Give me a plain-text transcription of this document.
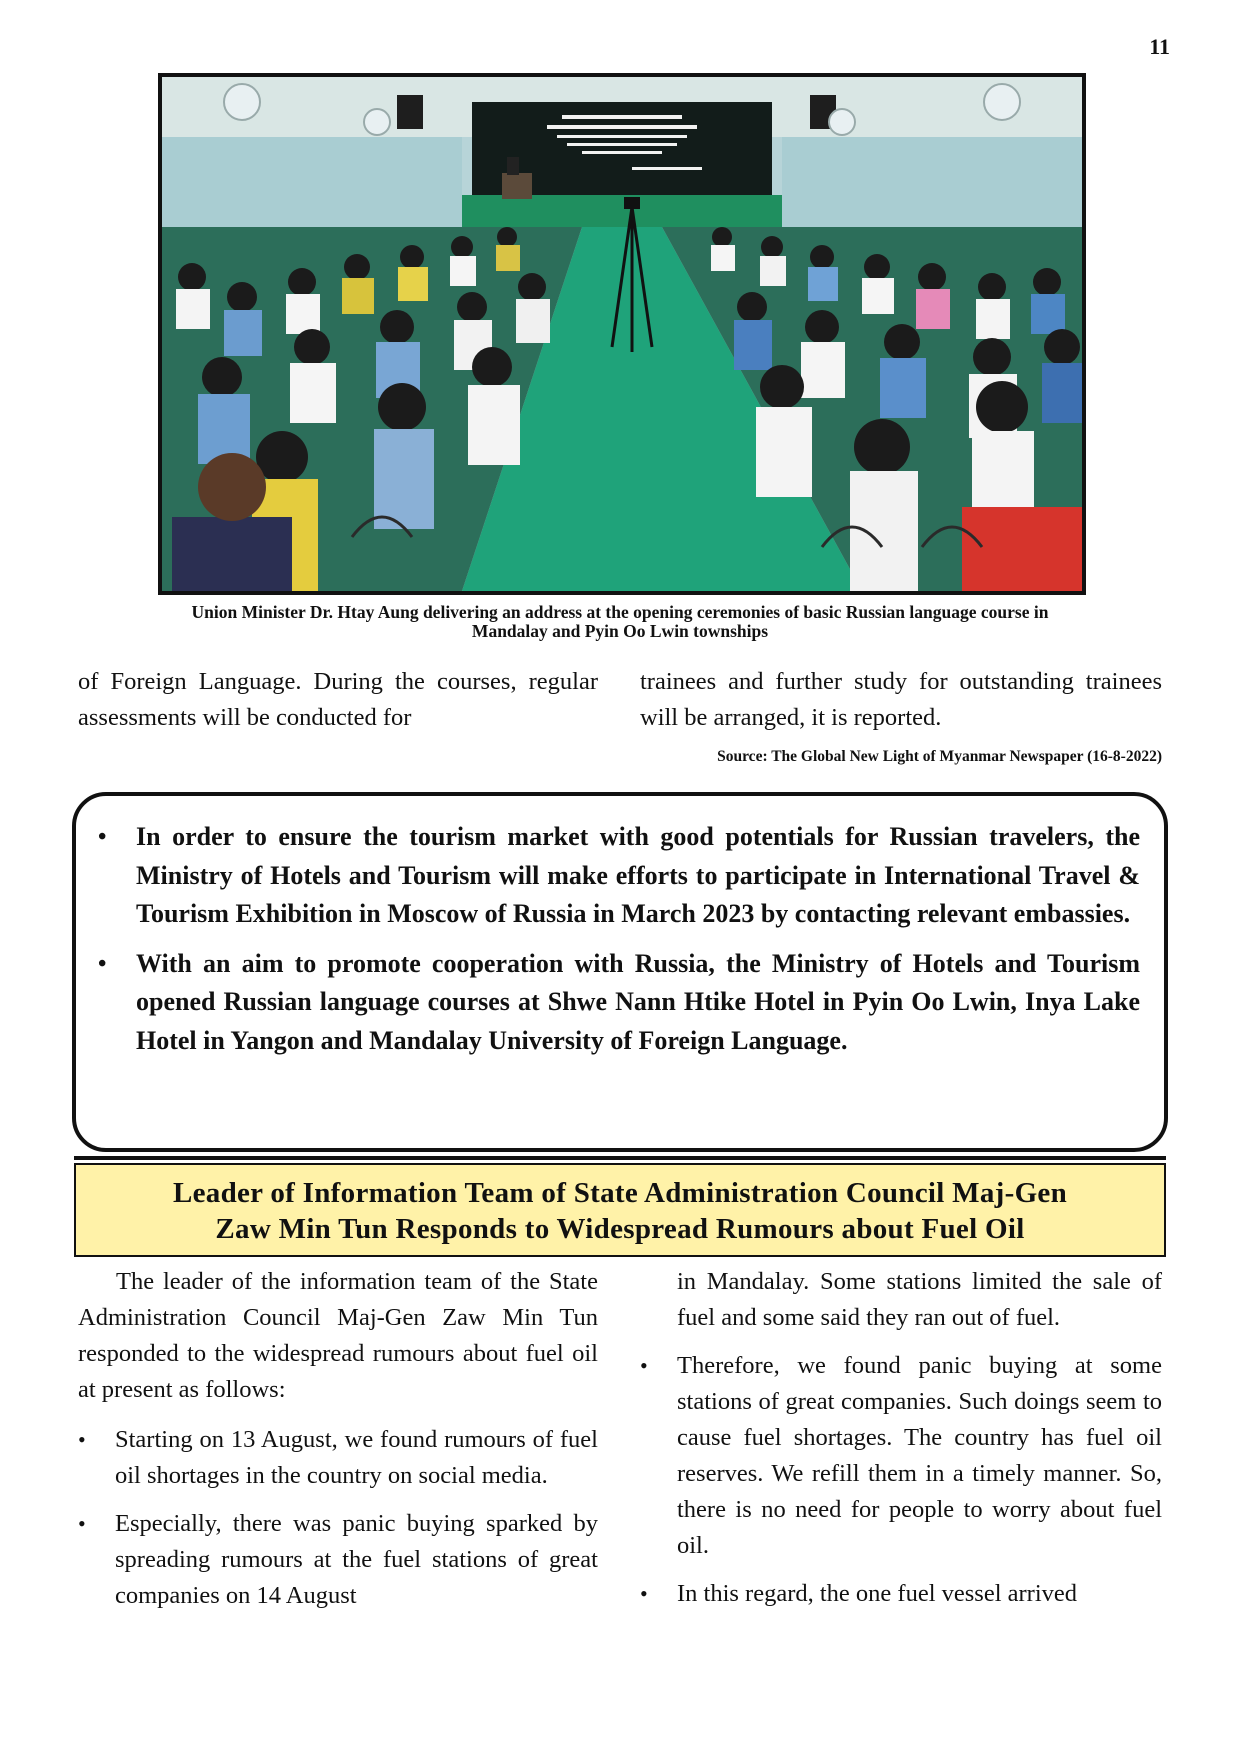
11
Union Minister Dr. Htay Aung delivering an address at the opening ceremonies of basic Russian language course in
Mandalay and Pyin Oo Lwin townships

of Foreign Language. During the courses, regular assessments will be conducted for

trainees and further study for outstanding trainees will be arranged, it is reported.

Source: The Global New Light of Myanmar Newspaper (16-8-2022)
• In order to ensure the tourism market with good potentials for Russian travelers, the Ministry of Hotels and Tourism will make efforts to participate in International Travel & Tourism Exhibition in Moscow of Russia in March 2023 by contacting relevant embassies.
• With an aim to promote cooperation with Russia, the Ministry of Hotels and Tourism opened Russian language courses at Shwe Nann Htike Hotel in Pyin Oo Lwin, Inya Lake Hotel in Yangon and Mandalay University of Foreign Language.
Leader of Information Team of State Administration Council Maj-Gen
Zaw Min Tun Responds to Widespread Rumours about Fuel Oil

The leader of the information team of the State Administration Council Maj-Gen Zaw Min Tun responded to the widespread rumours about fuel oil at present as follows:

• Starting on 13 August, we found rumours of fuel oil shortages in the country on social media.
• Especially, there was panic buying sparked by spreading rumours at the fuel stations of great companies on 14 August

in Mandalay. Some stations limited the sale of fuel and some said they ran out of fuel.

• Therefore, we found panic buying at some stations of great companies. Such doings seem to cause fuel shortages. The country has fuel oil reserves. We refill them in a timely manner. So, there is no need for people to worry about fuel oil.
• In this regard, the one fuel vessel arrived
